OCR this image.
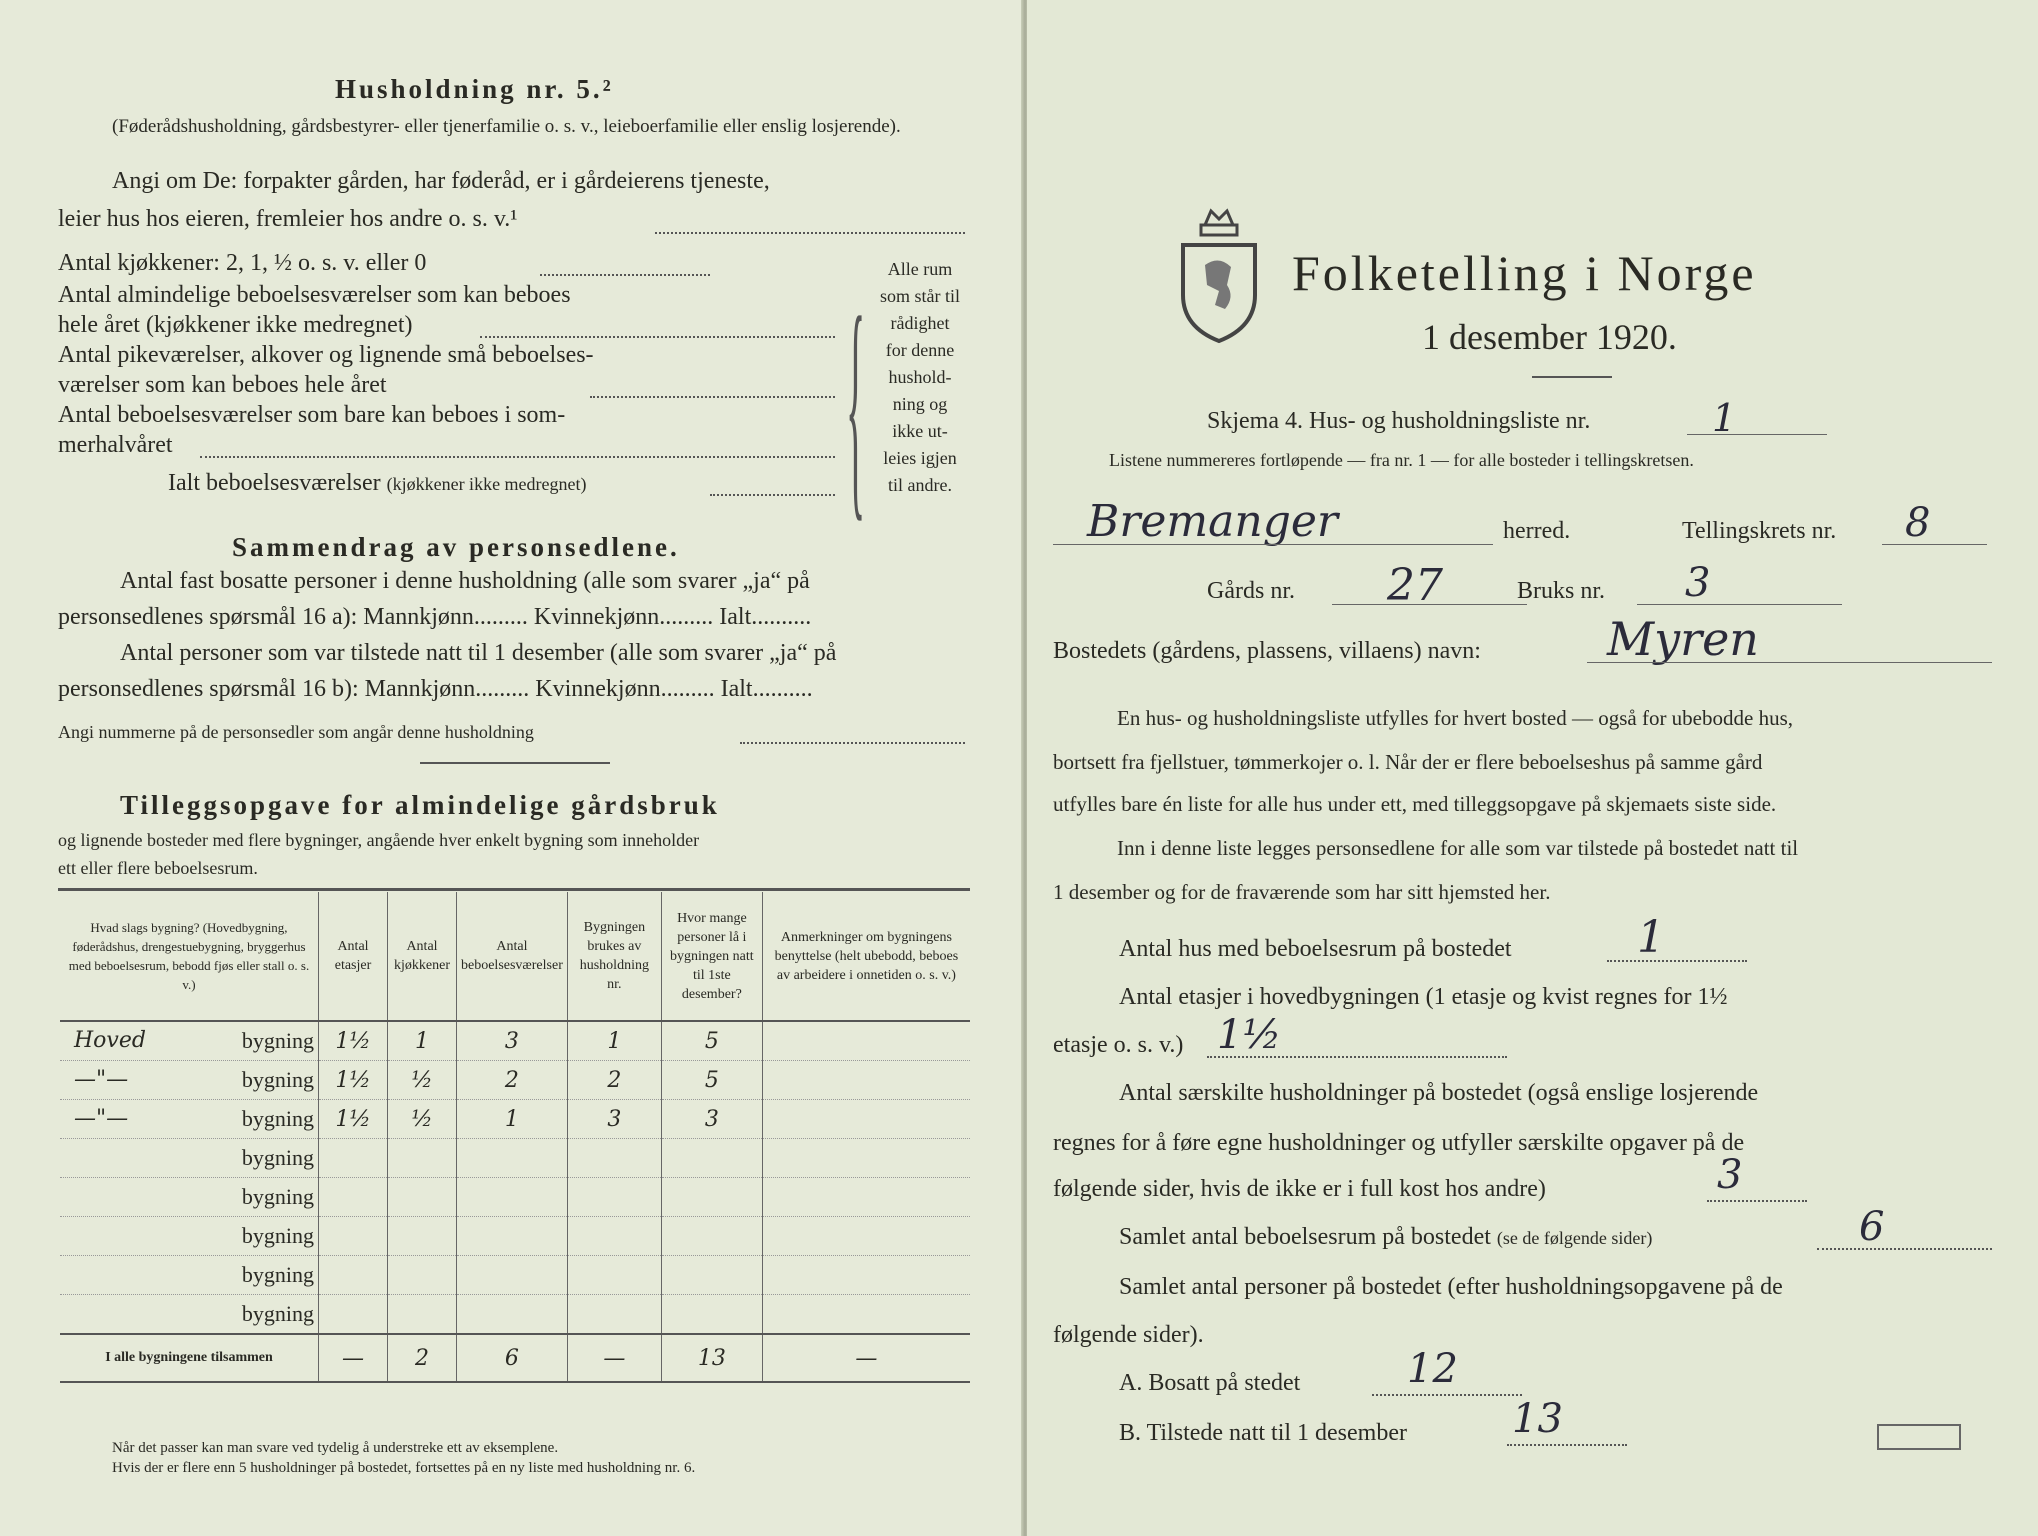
Husholdning nr. 5.²
(Føderådshusholdning, gårdsbestyrer- eller tjenerfamilie o. s. v., leieboerfamilie eller enslig losjerende).
Angi om De: forpakter gården, har føderåd, er i gårdeierens tjeneste,
leier hus hos eieren, fremleier hos andre o. s. v.¹
Antal kjøkkener: 2, 1, ½ o. s. v. eller 0
Antal almindelige beboelsesværelser som kan beboes
hele året (kjøkkener ikke medregnet)
Antal pikeværelser, alkover og lignende små beboelses-
værelser som kan beboes hele året
Antal beboelsesværelser som bare kan beboes i som-
merhalvåret
Ialt beboelsesværelser (kjøkkener ikke medregnet)	{	Alle rum
som står til
rådighet
for denne
hushold-
ning og
ikke ut-
leies igjen
til andre.
Sammendrag av personsedlene.
Antal fast bosatte personer i denne husholdning (alle som svarer „ja“ på
personsedlenes spørsmål 16 a): Mannkjønn......... Kvinnekjønn......... Ialt..........
Antal personer som var tilstede natt til 1 desember (alle som svarer „ja“ på
personsedlenes spørsmål 16 b): Mannkjønn......... Kvinnekjønn......... Ialt..........
Angi nummerne på de personsedler som angår denne husholdning
Tilleggsopgave for almindelige gårdsbruk
og lignende bosteder med flere bygninger, angående hver enkelt bygning som inneholder
ett eller flere beboelsesrum.
Hvad slags bygning? (Hovedbygning, føderådshus, drengestuebygning, bryggerhus med beboelsesrum, bebodd fjøs eller stall o. s. v.)	Antal etasjer	Antal kjøkkener	Antal beboelsesværelser	Bygningen brukes av husholdning nr.	Hvor mange personer lå i bygningen natt til 1ste desember?	Anmerkninger om bygningens benyttelse (helt ubebodd, beboes av arbeidere i onnetiden o. s. v.)

Hoved bygning	1½	1	3	1	5	

—"— bygning	1½	½	2	2	5	

—"— bygning	1½	½	1	3	3	

bygning						

bygning						

bygning						

bygning						

bygning						
I alle bygningene tilsammen	—	2	6	—	13	—
Når det passer kan man svare ved tydelig å understreke ett av eksemplene.
Hvis der er flere enn 5 husholdninger på bostedet, fortsettes på en ny liste med husholdning nr. 6.
Folketelling i Norge
1 desember 1920.
Skjema 4. Hus- og husholdningsliste nr.	1
Listene nummereres fortløpende — fra nr. 1 — for alle bosteder i tellingskretsen.
Bremanger	herred.	Tellingskrets nr. 8
Gårds nr. 27	Bruks nr. 3
Bostedets (gårdens, plassens, villaens) navn:	Myren
En hus- og husholdningsliste utfylles for hvert bosted — også for ubebodde hus,
bortsett fra fjellstuer, tømmerkojer o. l. Når der er flere beboelseshus på samme gård
utfylles bare én liste for alle hus under ett, med tilleggsopgave på skjemaets siste side.
Inn i denne liste legges personsedlene for alle som var tilstede på bostedet natt til
1 desember og for de fraværende som har sitt hjemsted her.
Antal hus med beboelsesrum på bostedet	1
Antal etasjer i hovedbygningen (1 etasje og kvist regnes for 1½
etasje o. s. v.) 1½
Antal særskilte husholdninger på bostedet (også enslige losjerende
regnes for å føre egne husholdninger og utfyller særskilte opgaver på de
følgende sider, hvis de ikke er i full kost hos andre)	3
Samlet antal beboelsesrum på bostedet (se de følgende sider)	6
Samlet antal personer på bostedet (efter husholdningsopgavene på de
følgende sider).
A. Bosatt på stedet	12
B. Tilstede natt til 1 desember	13
